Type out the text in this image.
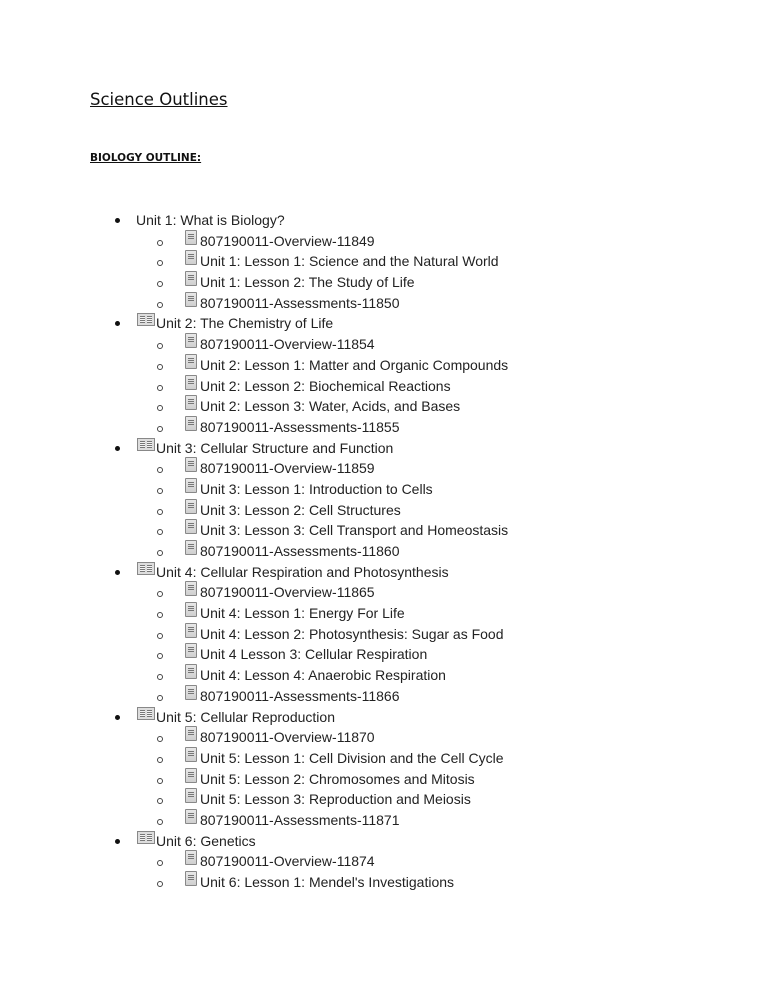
Science Outlines
BIOLOGY OUTLINE:
Unit 1: What is Biology?
807190011-Overview-11849
Unit 1: Lesson 1: Science and the Natural World
Unit 1: Lesson 2: The Study of Life
807190011-Assessments-11850
Unit 2: The Chemistry of Life
807190011-Overview-11854
Unit 2: Lesson 1: Matter and Organic Compounds
Unit 2: Lesson 2: Biochemical Reactions
Unit 2: Lesson 3: Water, Acids, and Bases
807190011-Assessments-11855
Unit 3: Cellular Structure and Function
807190011-Overview-11859
Unit 3: Lesson 1: Introduction to Cells
Unit 3: Lesson 2: Cell Structures
Unit 3: Lesson 3: Cell Transport and Homeostasis
807190011-Assessments-11860
Unit 4: Cellular Respiration and Photosynthesis
807190011-Overview-11865
Unit 4: Lesson 1: Energy For Life
Unit 4: Lesson 2: Photosynthesis: Sugar as Food
Unit 4 Lesson 3: Cellular Respiration
Unit 4: Lesson 4: Anaerobic Respiration
807190011-Assessments-11866
Unit 5: Cellular Reproduction
807190011-Overview-11870
Unit 5: Lesson 1: Cell Division and the Cell Cycle
Unit 5: Lesson 2: Chromosomes and Mitosis
Unit 5: Lesson 3: Reproduction and Meiosis
807190011-Assessments-11871
Unit 6: Genetics
807190011-Overview-11874
Unit 6: Lesson 1: Mendel's Investigations
